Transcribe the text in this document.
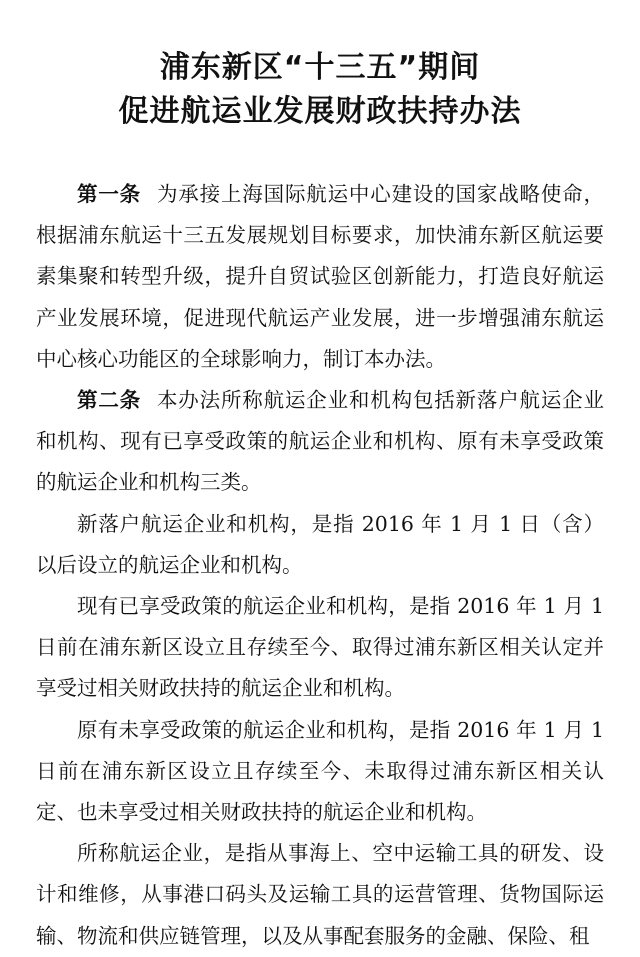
浦东新区“十三五”期间
促进航运业发展财政扶持办法

第一条 为承接上海国际航运中心建设的国家战略使命，根据浦东航运十三五发展规划目标要求，加快浦东新区航运要素集聚和转型升级，提升自贸试验区创新能力，打造良好航运产业发展环境，促进现代航运产业发展，进一步增强浦东航运中心核心功能区的全球影响力，制订本办法。

第二条 本办法所称航运企业和机构包括新落户航运企业和机构、现有已享受政策的航运企业和机构、原有未享受政策的航运企业和机构三类。

新落户航运企业和机构，是指 2016 年 1 月 1 日（含）以后设立的航运企业和机构。

现有已享受政策的航运企业和机构，是指 2016 年 1 月 1 日前在浦东新区设立且存续至今、取得过浦东新区相关认定并享受过相关财政扶持的航运企业和机构。

原有未享受政策的航运企业和机构，是指 2016 年 1 月 1 日前在浦东新区设立且存续至今、未取得过浦东新区相关认定、也未享受过相关财政扶持的航运企业和机构。

所称航运企业，是指从事海上、空中运输工具的研发、设计和维修，从事港口码头及运输工具的运营管理、货物国际运输、物流和供应链管理，以及从事配套服务的金融、保险、租
